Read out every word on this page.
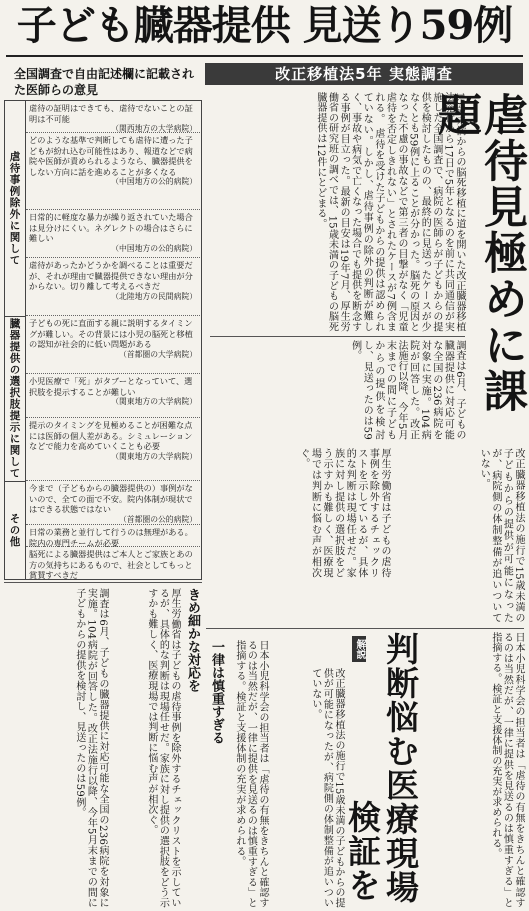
子ども臓器提供 見送り59例
全国調査で自由記述欄に記載された医師らの意見
改正移植法5年 実態調査
虐待事例除外に関して
虐待の証明はできても、虐待でないことの証明は不可能
（関西地方の大学病院）
どのような基準で判断しても虐待に遭った子どもが紛れ込む可能性はあり、報道などで病院や医師が責められるようなら、臓器提供をしない方向に話を進めることが多くなる
（中国地方の公的病院）
日常的に軽度な暴力が繰り返されていた場合は見分けにくい。ネグレクトの場合はさらに難しい
（中国地方の公的病院）
虐待があったかどうかを調べることは重要だが、それが理由で臓器提供できない理由が分からない。切り離して考えるべきだ
（北陸地方の民間病院）
臓器提供の選択肢提示に関して	子どもの死に直面する親に説明するタイミングが難しい。その背景には小児の脳死と移植の認知が社会的に低い問題がある
（首都圏の大学病院）
小児医療で「死」がタブーとなっていて、選択肢を提示することが難しい
（関東地方の大学病院）
提示のタイミングを見極めることが困難な点には医師の個人差がある。シミュレーションなどで能力を高めていくことも必要
（関東地方の大学病院）
その他
今まで（子どもからの臓器提供の）事例がないので、全ての面で不安。院内体制が現状ではできる状態ではない
（首都圏の公的病院）
日常の業務と並行して行うのは無理がある。院内の専門チームが必要
脳死による臓器提供はご本人とご家族とあの方の気持ちにあるもので、社会としてもっと賞賛すべきだ
虐待見極めに課題
15歳未満からの脳死移植に道を開いた改正臓器移植法施行から17日で5年となるのを前に共同通信が実施した全国調査で、病院の医師らが子どもからの提供を検討したものの、最終的に見送ったケースが少なくとも59例に上ることが分かった。脳死の原因となった不慮の事故などで第三者の目撃がなく「児童虐待を否定しきれない」とされたケースが7例含まれる。 虐待を受けた子どもからの提供は認められていない。しかし、虐待事例の除外の判断が難しく、事故や病気で亡くなった場合でも提供を断念する事例が目立った。最新の目安は19年7月、厚生労働省の研究班の調べでは、15歳未満の子どもの脳死臓器提供は12件にとどまる。
調査は6月、子どもの臓器提供に対応可能な全国の236病院を対象に実施。104病院が回答した。改正法施行以降、今年5月末までの間に子どもからの提供を検討し、見送ったのは59例。
改正臓器移植法の施行で15歳未満の子どもからの提供が可能になったが、病院側の体制整備が追いついていない。
厚生労働省は子どもの虐待事例を除外するチェックリストを示しているが、具体的な判断は現場任せだ。家族に対し提供の選択肢をどう示すかも難しく、医療現場では判断に悩む声が相次ぐ。
判断悩む医療現場
検証を
解説	日本小児科学会の担当者は「虐待の有無をきちんと確認するのは当然だが、一律に提供を見送るのは慎重すぎる」と指摘する。検証と支援体制の充実が求められる。
改正臓器移植法の施行で15歳未満の子どもからの提供が可能になったが、病院側の体制整備が追いついていない。
きめ細かな対応を
厚生労働省は子どもの虐待事例を除外するチェックリストを示しているが、具体的な判断は現場任せだ。家族に対し提供の選択肢をどう示すかも難しく、医療現場では判断に悩む声が相次ぐ。	一律は慎重すぎる
調査は6月、子どもの臓器提供に対応可能な全国の236病院を対象に実施。104病院が回答した。改正法施行以降、今年5月末までの間に子どもからの提供を検討し、見送ったのは59例。	日本小児科学会の担当者は「虐待の有無をきちんと確認するのは当然だが、一律に提供を見送るのは慎重すぎる」と指摘する。検証と支援体制の充実が求められる。
